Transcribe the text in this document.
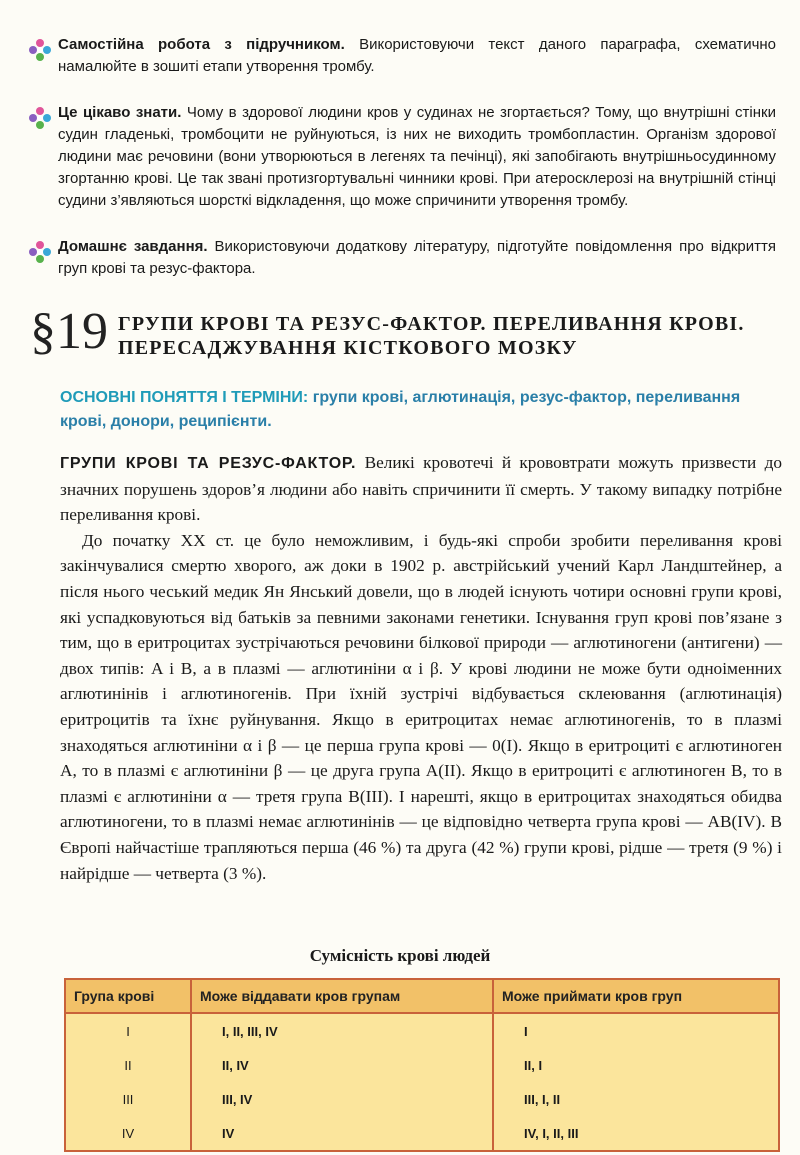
Самостійна робота з підручником. Використовуючи текст даного параграфа, схематично намалюйте в зошиті етапи утворення тромбу.
Це цікаво знати. Чому в здорової людини кров у судинах не згортається? Тому, що внутрішні стінки судин гладенькі, тромбоцити не руйнуються, із них не виходить тромбопластин. Організм здорової людини має речовини (вони утворюються в легенях та печінці), які запобігають внутрішньосудинному згортанню крові. Це так звані протизгортувальні чинники крові. При атеросклерозі на внутрішній стінці судини з’являються шорсткі відкладення, що може спричинити утворення тромбу.
Домашнє завдання. Використовуючи додаткову літературу, підготуйте повідомлення про відкриття груп крові та резус-фактора.
§19 ГРУПИ КРОВІ ТА РЕЗУС-ФАКТОР. ПЕРЕЛИВАННЯ КРОВІ. ПЕРЕСАДЖУВАННЯ КІСТКОВОГО МОЗКУ
ОСНОВНІ ПОНЯТТЯ І ТЕРМІНИ: групи крові, аглютинація, резус-фактор, переливання крові, донори, реципієнти.

ГРУПИ КРОВІ ТА РЕЗУС-ФАКТОР. Великі кровотечі й крововтрати можуть призвести до значних порушень здоров’я людини або навіть спричинити її смерть. У такому випадку потрібне переливання крові.

До початку XX ст. це було неможливим, і будь-які спроби зробити переливання крові закінчувалися смертю хворого, аж доки в 1902 р. австрійський учений Карл Ландштейнер, а після нього чеський медик Ян Янський довели, що в людей існують чотири основні групи крові, які успадковуються від батьків за певними законами генетики. Існування груп крові пов’язане з тим, що в еритроцитах зустрічаються речовини білкової природи — аглютиногени (антигени) — двох типів: A і B, а в плазмі — аглютиніни α і β. У крові людини не може бути одноіменних аглютинінів і аглютиногенів. При їхній зустрічі відбувається склеювання (аглютинація) еритроцитів та їхнє руйнування. Якщо в еритроцитах немає аглютиногенів, то в плазмі знаходяться аглютиніни α і β — це перша група крові — 0(I). Якщо в еритроциті є аглютиноген A, то в плазмі є аглютиніни β — це друга група A(II). Якщо в еритроциті є аглютиноген B, то в плазмі є аглютиніни α — третя група B(III). І нарешті, якщо в еритроцитах знаходяться обидва аглютиногени, то в плазмі немає аглютинінів — це відповідно четверта група крові — AB(IV). В Європі найчастіше трапляються перша (46 %) та друга (42 %) групи крові, рідше — третя (9 %) і найрідше — четверта (3 %).

Сумісність крові людей
Група крові	Може віддавати кров групам	Може приймати кров груп
I	I, II, III, IV	I
II	II, IV	II, I
III	III, IV	III, I, II
IV	IV	IV, I, II, III
